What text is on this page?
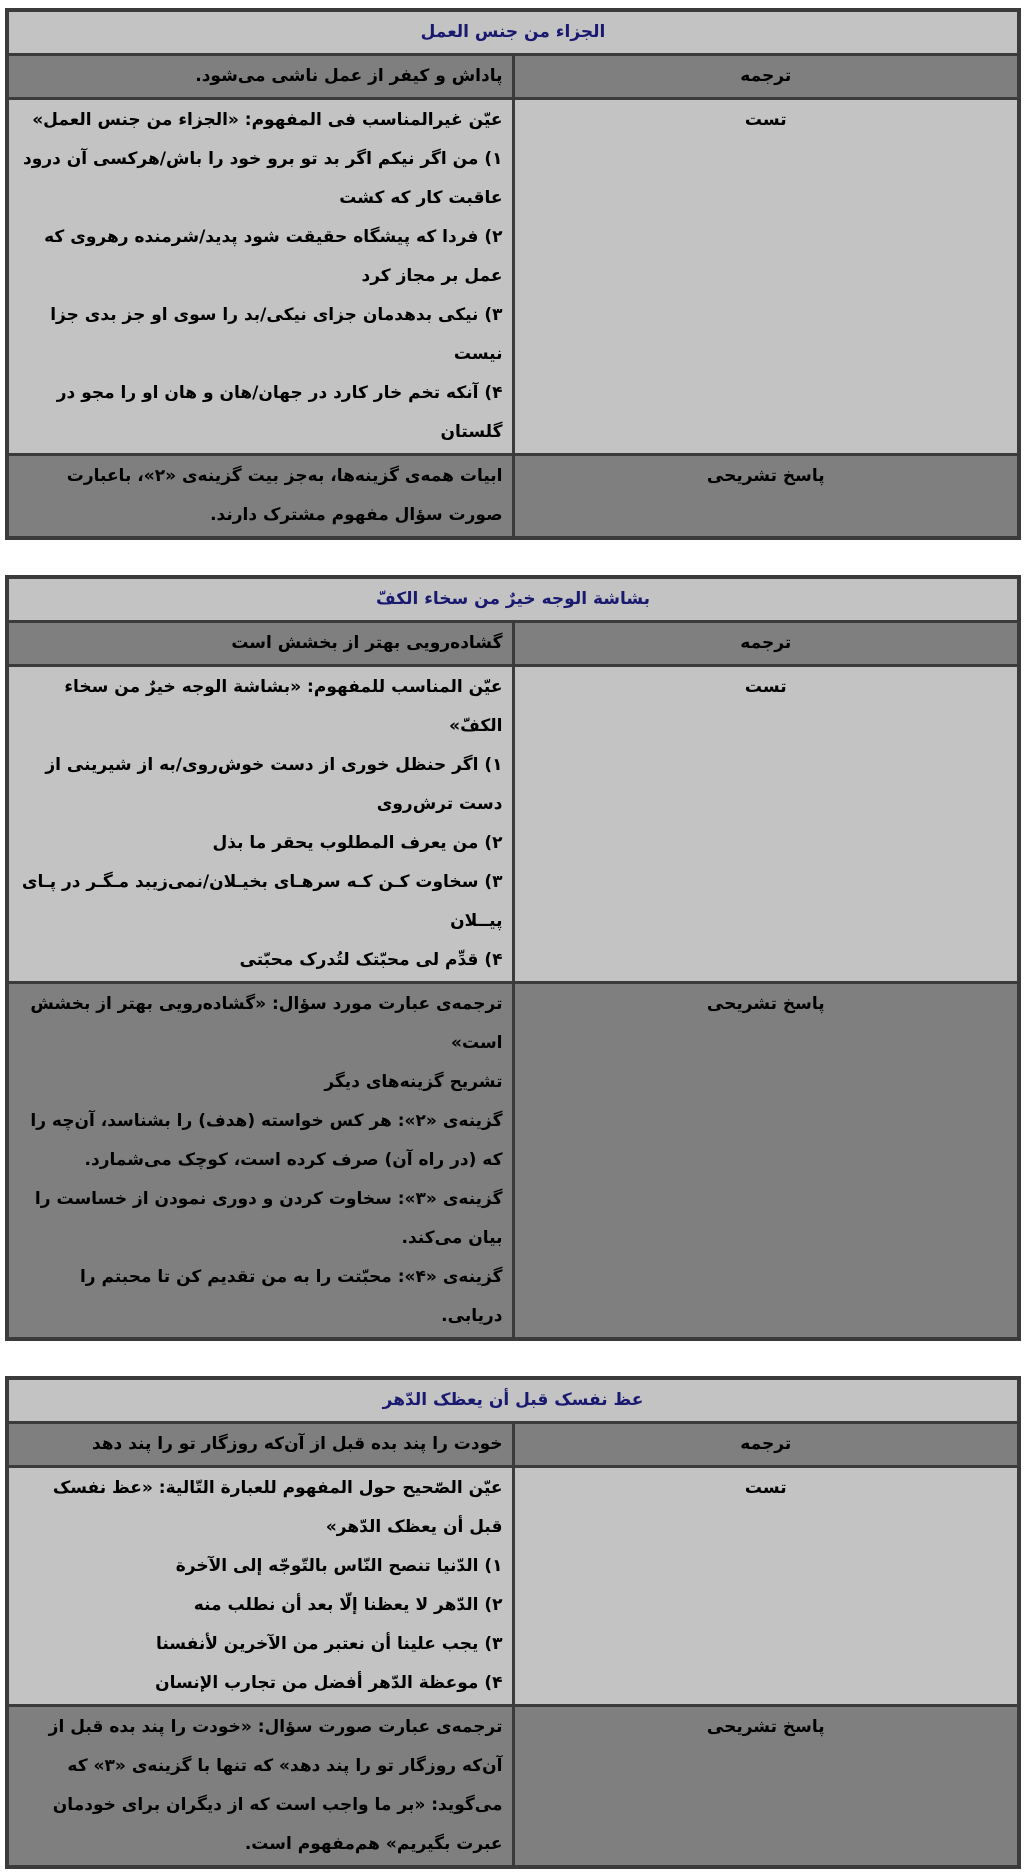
الجزاء من جنس العمل	

ترجمه	پاداش و کیفر از عمل ناشی می‌شود.

تست	عیّن غیرالمناسب فی المفهوم: «الجزاء من جنس العمل»
۱) من اگر نیکم اگر بد تو برو خود را باش/هرکسی آن درود عاقبت کار که کشت
۲) فردا که پیشگاه حقیقت شود پدید/شرمنده رهروی که عمل بر مجاز کرد
۳) نیکی بدهدمان جزای نیکی/بد را سوی او جز بدی جزا نیست
۴) آنکه تخم خار کارد در جهان/هان و هان او را مجو در گلستان

پاسخ تشریحی	ابیات همه‌ی گزینه‌ها، به‌جز بیت گزینه‌ی «۲»، باعبارت صورت سؤال مفهوم مشترک دارند.
بشاشة الوجه خیرٌ من سخاء الکفّ	

ترجمه	گشاده‌رویی بهتر از بخشش است

تست	عیّن المناسب للمفهوم: «بشاشة الوجه خیرٌ من سخاء الکفّ»
۱) اگر حنظل خوری از دست خوش‌روی/به از شیرینی از دست ترش‌روی
۲) من یعرف المطلوب یحقر ما بذل
۳) سخاوت کـن کـه سرهـای بخیـلان/نمی‌زیبد مـگـر در پـای پیــلان
۴) قدِّم لی محبّتک لتُدرک محبّتی

پاسخ تشریحی	ترجمه‌ی عبارت مورد سؤال: «گشاده‌رویی بهتر از بخشش است»
تشریح گزینه‌های دیگر
گزینه‌ی «۲»: هر کس خواسته (هدف) را بشناسد، آن‌چه را که (در راه آن) صرف کرده است، کوچک می‌شمارد.
گزینه‌ی «۳»: سخاوت کردن و دوری نمودن از خساست را بیان می‌کند.
گزینه‌ی «۴»: محبّتت را به من تقدیم کن تا محبتم را دریابی.
عظ نفسک قبل أن یعظک الدّهر	

ترجمه	خودت را پند بده قبل از آن‌که روزگار تو را پند دهد

تست	عیّن الصّحیح حول المفهوم للعبارة التّالیة: «عظ نفسک قبل أن یعظک الدّهر»
۱) الدّنیا تنصح النّاس بالتّوجّه إلی الآخرة
۲) الدّهر لا یعظنا إلّا بعد أن نطلب منه
۳) یجب علینا أن نعتبر من الآخرین لأنفسنا
۴) موعظة الدّهر أفضل من تجارب الإنسان

پاسخ تشریحی	ترجمه‌ی عبارت صورت سؤال: «خودت را پند بده قبل از آن‌که روزگار تو را پند دهد» که تنها با گزینه‌ی «۳» که
می‌گوید: «بر ما واجب است که از دیگران برای خودمان عبرت بگیریم» هم‌مفهوم است.
